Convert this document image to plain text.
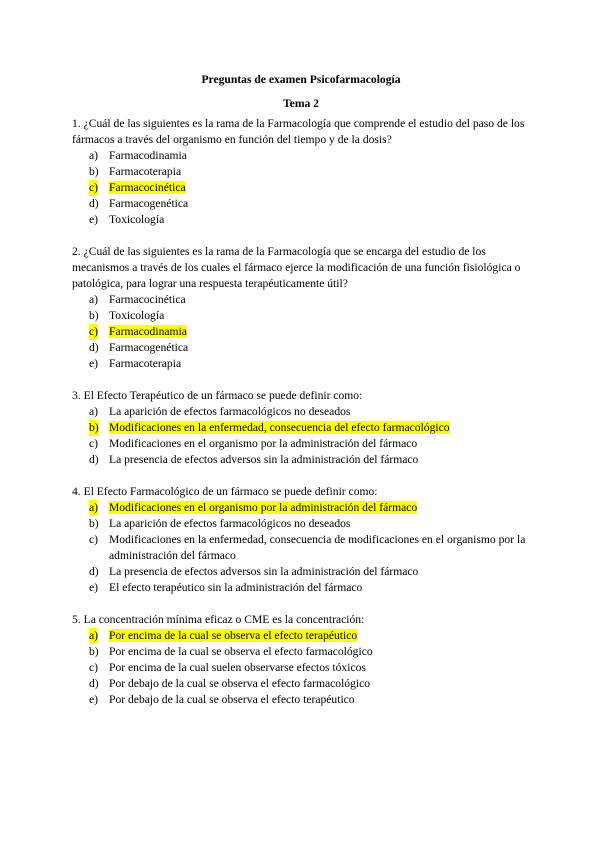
Preguntas de examen Psicofarmacología
Tema 2

1. ¿Cuál de las siguientes es la rama de la Farmacología que comprende el estudio del paso de los fármacos a través del organismo en función del tiempo y de la dosis?

a) Farmacodinamia
b) Farmacoterapia
c) Farmacocinética
d) Farmacogenética
e) Toxicología

2. ¿Cuál de las siguientes es la rama de la Farmacología que se encarga del estudio de los mecanismos a través de los cuales el fármaco ejerce la modificación de una función fisiológica o patológica, para lograr una respuesta terapéuticamente útil?

a) Farmacocinética
b) Toxicología
c) Farmacodinamia
d) Farmacogenética
e) Farmacoterapia

3. El Efecto Terapéutico de un fármaco se puede definir como:

a) La aparición de efectos farmacológicos no deseados
b) Modificaciones en la enfermedad, consecuencia del efecto farmacológico
c) Modificaciones en el organismo por la administración del fármaco
d) La presencia de efectos adversos sin la administración del fármaco

4. El Efecto Farmacológico de un fármaco se puede definir como:

a) Modificaciones en el organismo por la administración del fármaco
b) La aparición de efectos farmacológicos no deseados
c) Modificaciones en la enfermedad, consecuencia de modificaciones en el organismo por la administración del fármaco
d) La presencia de efectos adversos sin la administración del fármaco
e) El efecto terapéutico sin la administración del fármaco

5. La concentración mínima eficaz o CME es la concentración:

a) Por encima de la cual se observa el efecto terapéutico
b) Por encima de la cual se observa el efecto farmacológico
c) Por encima de la cual suelen observarse efectos tóxicos
d) Por debajo de la cual se observa el efecto farmacológico
e) Por debajo de la cual se observa el efecto terapéutico
